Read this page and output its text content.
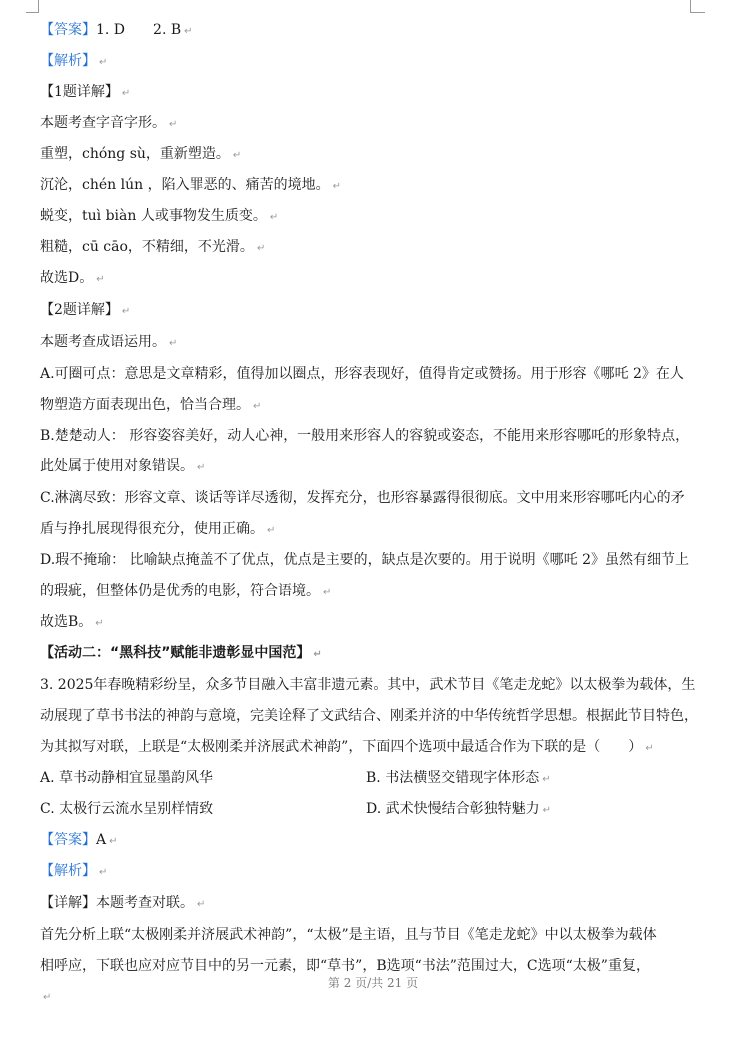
【答案】1. D　　2. B ↵
【解析】 ↵
【1题详解】 ↵
本题考查字音字形。 ↵
重塑，chóng sù，重新塑造。 ↵
沉沦，chén lún ，陷入罪恶的、痛苦的境地。 ↵
蜕变，tuì biàn 人或事物发生质变。 ↵
粗糙，cū cāo，不精细，不光滑。 ↵
故选D。 ↵
【2题详解】 ↵
本题考查成语运用。 ↵
A.可圈可点：意思是文章精彩，值得加以圈点，形容表现好，值得肯定或赞扬。用于形容《哪吒 2》在人
物塑造方面表现出色，恰当合理。 ↵
B.楚楚动人： 形容姿容美好，动人心神，一般用来形容人的容貌或姿态，不能用来形容哪吒的形象特点，
此处属于使用对象错误。 ↵
C.淋漓尽致：形容文章、谈话等详尽透彻，发挥充分，也形容暴露得很彻底。文中用来形容哪吒内心的矛
盾与挣扎展现得很充分，使用正确。 ↵
D.瑕不掩瑜： 比喻缺点掩盖不了优点，优点是主要的，缺点是次要的。用于说明《哪吒 2》虽然有细节上
的瑕疵，但整体仍是优秀的电影，符合语境。 ↵
故选B。 ↵
【活动二：“黑科技”赋能非遗彰显中国范】 ↵
3. 2025年春晚精彩纷呈，众多节目融入丰富非遗元素。其中，武术节目《笔走龙蛇》以太极拳为载体，生
动展现了草书书法的神韵与意境，完美诠释了文武结合、刚柔并济的中华传统哲学思想。根据此节目特色，
为其拟写对联，上联是“太极刚柔并济展武术神韵”，下面四个选项中最适合作为下联的是（　　） ↵
A. 草书动静相宜显墨韵风华	B. 书法横竖交错现字体形态 ↵
C. 太极行云流水呈别样情致	D. 武术快慢结合彰独特魅力 ↵
【答案】A ↵
【解析】 ↵
【详解】本题考查对联。 ↵
首先分析上联“太极刚柔并济展武术神韵”，“太极”是主语，且与节目《笔走龙蛇》中以太极拳为载体
相呼应，下联也应对应节目中的另一元素，即“草书”，B选项“书法”范围过大，C选项“太极”重复，
第 2 页/共 21 页
↵
